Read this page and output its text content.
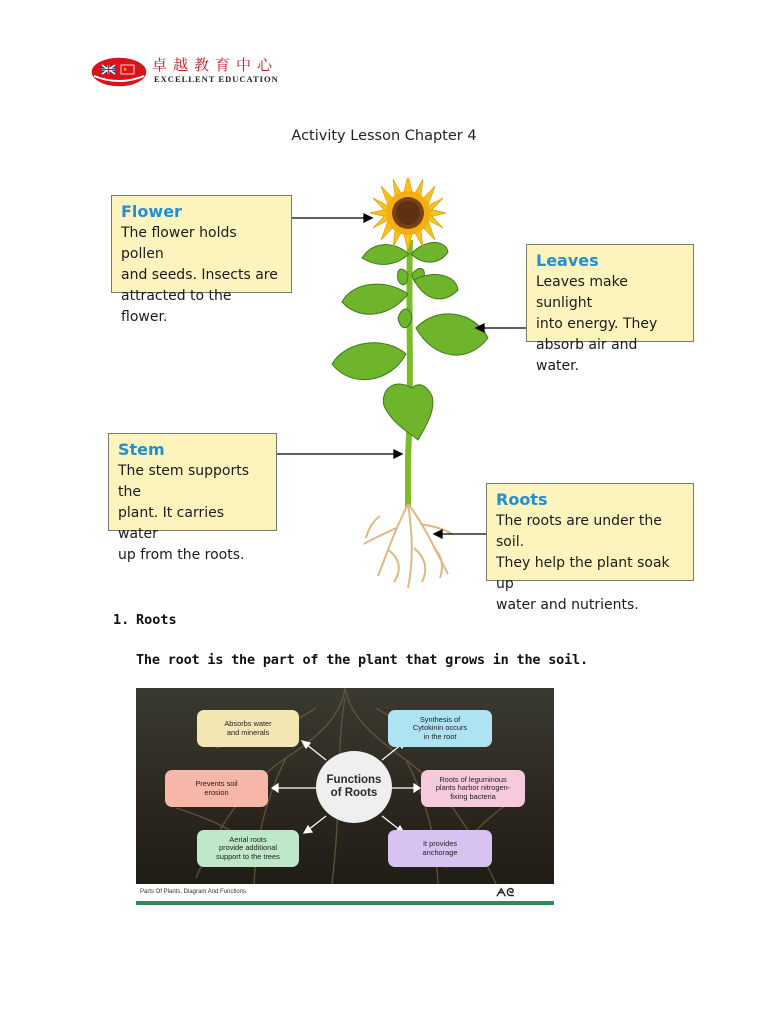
卓越教育中心
EXCELLENT EDUCATION
Activity Lesson Chapter 4
Flower
The flower holds pollen
and seeds. Insects are
attracted to the flower.
Leaves
Leaves make sunlight
into energy. They
absorb air and water.
Stem
The stem supports the
plant. It carries water
up from the roots.
Roots
The roots are under the soil.
They help the plant soak up
water and nutrients.
1. Roots
The root is the part of the plant that grows in the soil.
Functions
of Roots
Absorbs water
and minerals
Synthesis of
Cytokinin occurs
in the root
Prevents soil
erosion
Roots of leguminous
plants harbor nitrogen-
fixing bacteria
Aerial roots
provide additional
support to the trees
It provides
anchorage
Parts Of Plants, Diagram And Functions	ᗅᘓ
